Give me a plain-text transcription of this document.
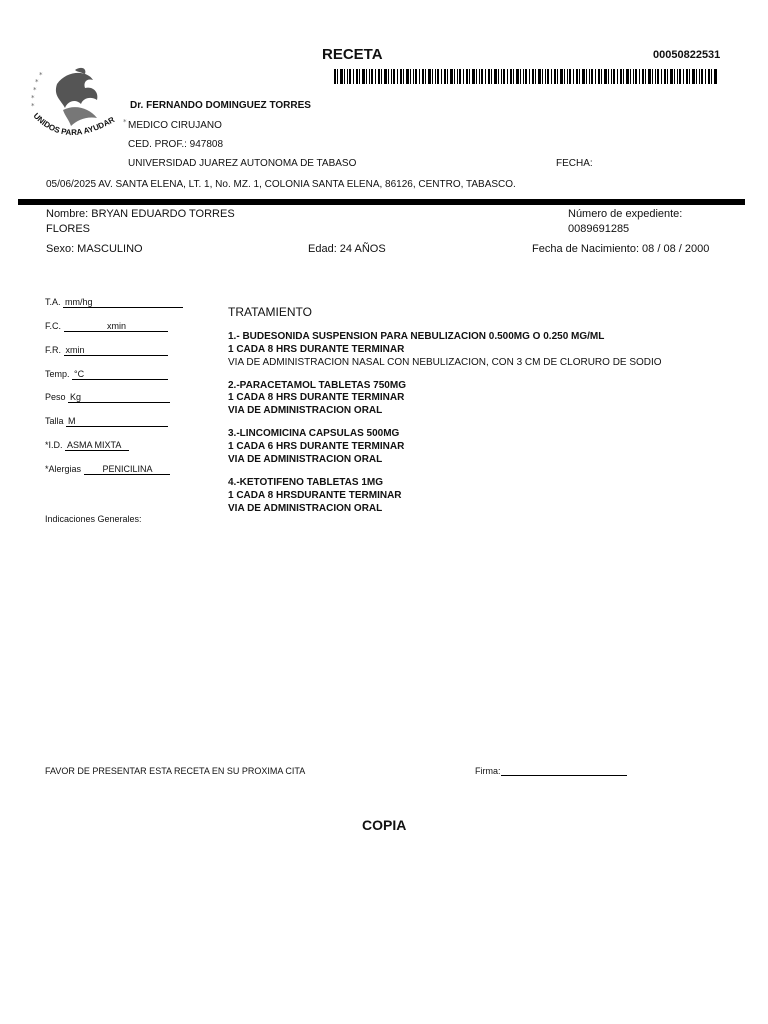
RECETA	00050822531
*
*
*
*
*
*
UNIDOS PARA AYUDAR
Dr. FERNANDO DOMINGUEZ TORRES
MEDICO CIRUJANO
CED. PROF.: 947808
UNIVERSIDAD JUAREZ AUTONOMA DE TABASO	FECHA:
05/06/2025 AV. SANTA ELENA, LT. 1, No. MZ. 1, COLONIA SANTA ELENA, 86126, CENTRO, TABASCO.
Nombre: BRYAN EDUARDO TORRES
FLORES
Número de expediente:
0089691285
Sexo: MASCULINO	Edad: 24 AÑOS	Fecha de Nacimiento: 08 / 08 / 2000
T.A. mm/hg
F.C.	xmin
F.R. xmin
Temp. °C
Peso Kg
Talla M
*I.D. ASMA MIXTA
*Alergias PENICILINA
TRATAMIENTO
1.- BUDESONIDA SUSPENSION PARA NEBULIZACION 0.500MG O 0.250 MG/ML
1 CADA 8 HRS DURANTE TERMINAR
VIA DE ADMINISTRACION NASAL CON NEBULIZACION, CON 3 CM DE CLORURO DE SODIO
2.-PARACETAMOL TABLETAS 750MG
1 CADA 8 HRS DURANTE TERMINAR
VIA DE ADMINISTRACION ORAL
3.-LINCOMICINA CAPSULAS 500MG
1 CADA 6 HRS DURANTE TERMINAR
VIA DE ADMINISTRACION ORAL
4.-KETOTIFENO TABLETAS 1MG
1 CADA 8 HRSDURANTE TERMINAR
VIA DE ADMINISTRACION ORAL
Indicaciones Generales:
FAVOR DE PRESENTAR ESTA RECETA EN SU PROXIMA CITA	Firma:
COPIA
